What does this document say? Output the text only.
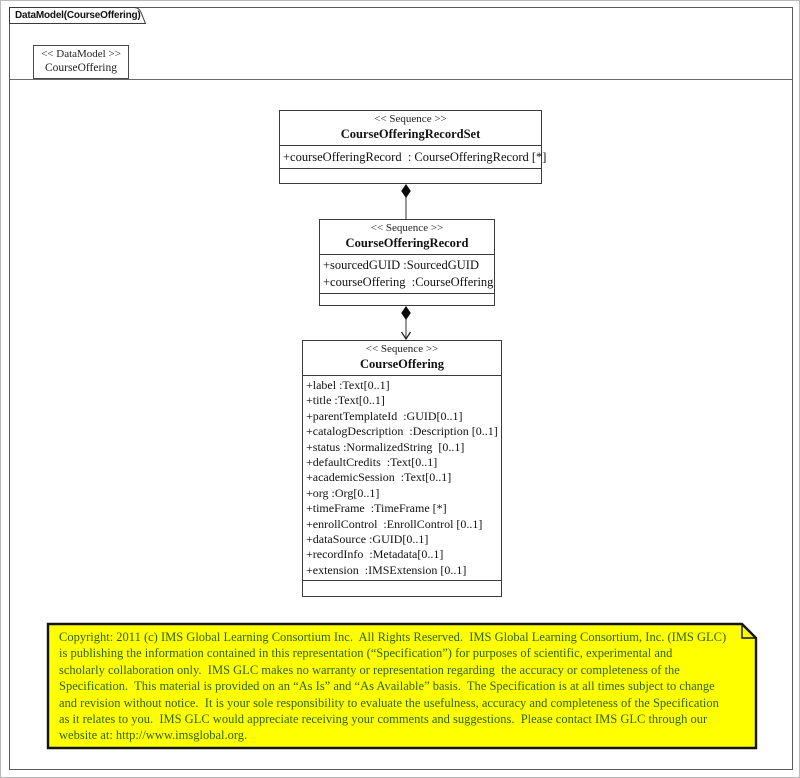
DataModel(CourseOffering)
<< DataModel >>
CourseOffering
<< Sequence >>
CourseOfferingRecordSet
+courseOfferingRecord  : CourseOfferingRecord [*]
<< Sequence >>
CourseOfferingRecord
+sourcedGUID :SourcedGUID
+courseOffering  :CourseOffering
<< Sequence >>
CourseOffering
+label :Text[0..1]
+title :Text[0..1]
+parentTemplateId  :GUID[0..1]
+catalogDescription  :Description [0..1]
+status :NormalizedString  [0..1]
+defaultCredits  :Text[0..1]
+academicSession  :Text[0..1]
+org :Org[0..1]
+timeFrame  :TimeFrame [*]
+enrollControl  :EnrollControl [0..1]
+dataSource :GUID[0..1]
+recordInfo  :Metadata[0..1]
+extension  :IMSExtension [0..1]
Copyright: 2011 (c) IMS Global Learning Consortium Inc.  All Rights Reserved.  IMS Global Learning Consortium, Inc. (IMS GLC)
is publishing the information contained in this representation (“Specification”) for purposes of scientific, experimental and
scholarly collaboration only.  IMS GLC makes no warranty or representation regarding  the accuracy or completeness of the
Specification.  This material is provided on an “As Is” and “As Available” basis.  The Specification is at all times subject to change
and revision without notice.  It is your sole responsibility to evaluate the usefulness, accuracy and completeness of the Specification
as it relates to you.  IMS GLC would appreciate receiving your comments and suggestions.  Please contact IMS GLC through our
website at: http://www.imsglobal.org.
